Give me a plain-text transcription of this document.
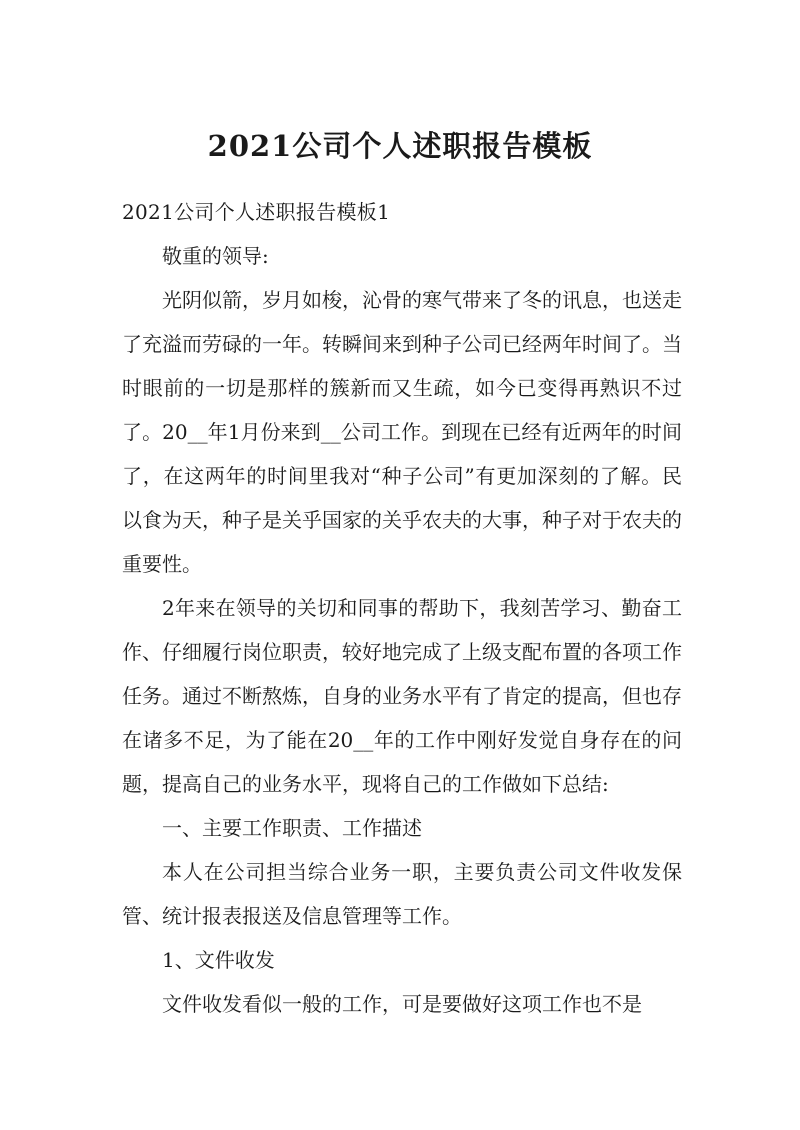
2021公司个人述职报告模板

2021公司个人述职报告模板1

敬重的领导:

光阴似箭，岁月如梭，沁骨的寒气带来了冬的讯息，也送走了充溢而劳碌的一年。转瞬间来到种子公司已经两年时间了。当时眼前的一切是那样的簇新而又生疏，如今已变得再熟识不过了。20__年1月份来到__公司工作。到现在已经有近两年的时间了，在这两年的时间里我对“种子公司”有更加深刻的了解。民以食为天，种子是关乎国家的关乎农夫的大事，种子对于农夫的重要性。

2年来在领导的关切和同事的帮助下，我刻苦学习、勤奋工作、仔细履行岗位职责，较好地完成了上级支配布置的各项工作任务。通过不断熬炼，自身的业务水平有了肯定的提高，但也存在诸多不足，为了能在20__年的工作中刚好发觉自身存在的问题，提高自己的业务水平，现将自己的工作做如下总结:

一、主要工作职责、工作描述

本人在公司担当综合业务一职，主要负责公司文件收发保管、统计报表报送及信息管理等工作。

1、文件收发

文件收发看似一般的工作，可是要做好这项工作也不是
